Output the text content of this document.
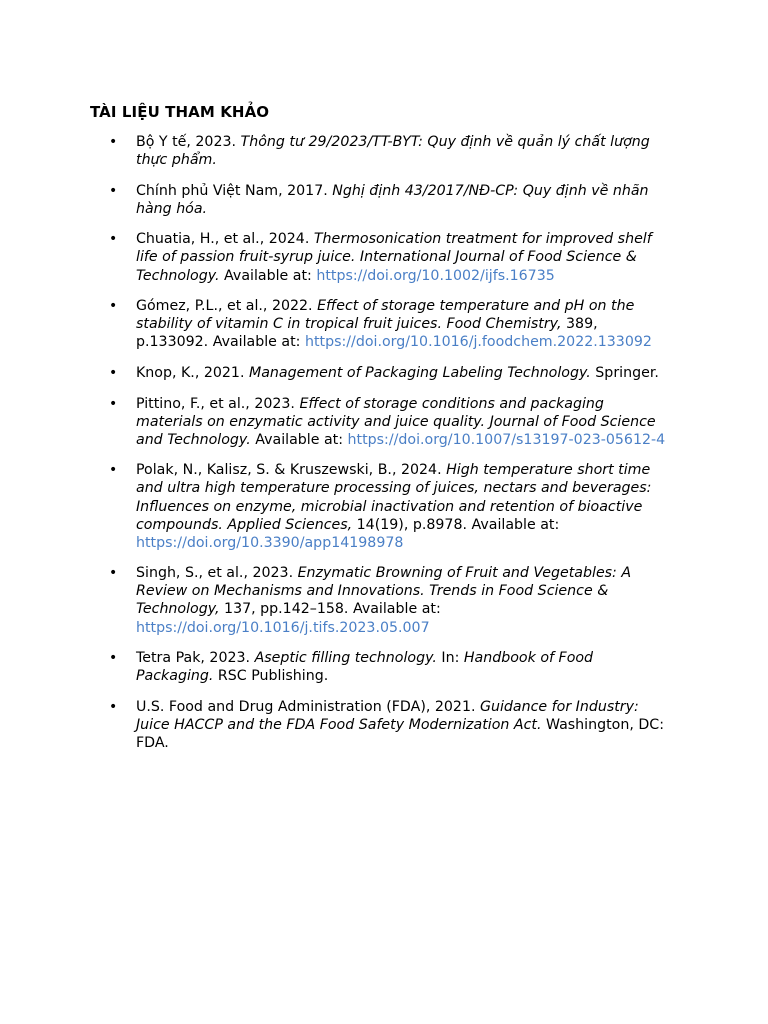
TÀI LIỆU THAM KHẢO
• Bộ Y tế, 2023. Thông tư 29/2023/TT-BYT: Quy định về quản lý chất lượng thực phẩm.
• Chính phủ Việt Nam, 2017. Nghị định 43/2017/NĐ-CP: Quy định về nhãn hàng hóa.
• Chuatia, H., et al., 2024. Thermosonication treatment for improved shelf life of passion fruit-syrup juice. International Journal of Food Science & Technology. Available at: https://doi.org/10.1002/ijfs.16735
• Gómez, P.L., et al., 2022. Effect of storage temperature and pH on the stability of vitamin C in tropical fruit juices. Food Chemistry, 389, p.133092. Available at: https://doi.org/10.1016/j.foodchem.2022.133092
• Knop, K., 2021. Management of Packaging Labeling Technology. Springer.
• Pittino, F., et al., 2023. Effect of storage conditions and packaging materials on enzymatic activity and juice quality. Journal of Food Science and Technology. Available at: https://doi.org/10.1007/s13197-023-05612-4
• Polak, N., Kalisz, S. & Kruszewski, B., 2024. High temperature short time and ultra high temperature processing of juices, nectars and beverages: Influences on enzyme, microbial inactivation and retention of bioactive compounds. Applied Sciences, 14(19), p.8978. Available at: https://doi.org/10.3390/app14198978
• Singh, S., et al., 2023. Enzymatic Browning of Fruit and Vegetables: A Review on Mechanisms and Innovations. Trends in Food Science & Technology, 137, pp.142–158. Available at: https://doi.org/10.1016/j.tifs.2023.05.007
• Tetra Pak, 2023. Aseptic filling technology. In: Handbook of Food Packaging. RSC Publishing.
• U.S. Food and Drug Administration (FDA), 2021. Guidance for Industry: Juice HACCP and the FDA Food Safety Modernization Act. Washington, DC: FDA.
